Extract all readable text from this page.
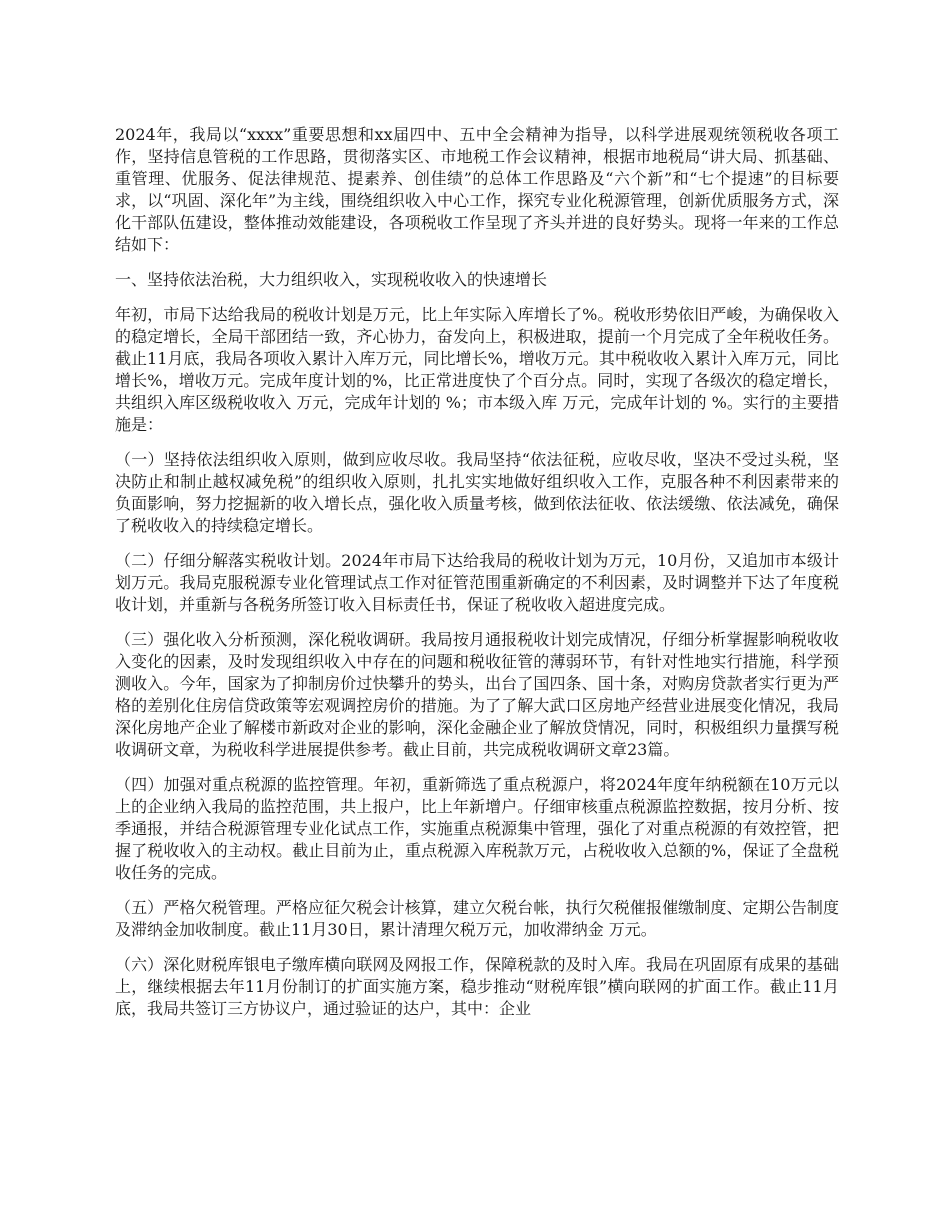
2024年，我局以“xxxx”重要思想和xx届四中、五中全会精神为指导，以科学进展观统领税收各项工作，坚持信息管税的工作思路，贯彻落实区、市地税工作会议精神，根据市地税局“讲大局、抓基础、重管理、优服务、促法律规范、提素养、创佳绩”的总体工作思路及“六个新”和“七个提速”的目标要求，以“巩固、深化年”为主线，围绕组织收入中心工作，探究专业化税源管理，创新优质服务方式，深化干部队伍建设，整体推动效能建设，各项税收工作呈现了齐头并进的良好势头。现将一年来的工作总结如下：

一、坚持依法治税，大力组织收入，实现税收收入的快速增长

年初，市局下达给我局的税收计划是万元，比上年实际入库增长了%。税收形势依旧严峻，为确保收入的稳定增长，全局干部团结一致，齐心协力，奋发向上，积极进取，提前一个月完成了全年税收任务。截止11月底，我局各项收入累计入库万元，同比增长%，增收万元。其中税收收入累计入库万元，同比增长%，增收万元。完成年度计划的%，比正常进度快了个百分点。同时，实现了各级次的稳定增长，共组织入库区级税收收入 万元，完成年计划的 %；市本级入库 万元，完成年计划的 %。实行的主要措施是：

（一）坚持依法组织收入原则，做到应收尽收。我局坚持“依法征税，应收尽收，坚决不受过头税，坚决防止和制止越权减免税”的组织收入原则，扎扎实实地做好组织收入工作，克服各种不利因素带来的负面影响，努力挖掘新的收入增长点，强化收入质量考核，做到依法征收、依法缓缴、依法减免，确保了税收收入的持续稳定增长。

（二）仔细分解落实税收计划。2024年市局下达给我局的税收计划为万元，10月份，又追加市本级计划万元。我局克服税源专业化管理试点工作对征管范围重新确定的不利因素，及时调整并下达了年度税收计划，并重新与各税务所签订收入目标责任书，保证了税收收入超进度完成。

（三）强化收入分析预测，深化税收调研。我局按月通报税收计划完成情况，仔细分析掌握影响税收收入变化的因素，及时发现组织收入中存在的问题和税收征管的薄弱环节，有针对性地实行措施，科学预测收入。今年，国家为了抑制房价过快攀升的势头，出台了国四条、国十条，对购房贷款者实行更为严格的差别化住房信贷政策等宏观调控房价的措施。为了了解大武口区房地产经营业进展变化情况，我局深化房地产企业了解楼市新政对企业的影响，深化金融企业了解放贷情况，同时，积极组织力量撰写税收调研文章，为税收科学进展提供参考。截止目前，共完成税收调研文章23篇。

（四）加强对重点税源的监控管理。年初，重新筛选了重点税源户，将2024年度年纳税额在10万元以上的企业纳入我局的监控范围，共上报户，比上年新增户。仔细审核重点税源监控数据，按月分析、按季通报，并结合税源管理专业化试点工作，实施重点税源集中管理，强化了对重点税源的有效控管，把握了税收收入的主动权。截止目前为止，重点税源入库税款万元，占税收收入总额的%，保证了全盘税收任务的完成。

（五）严格欠税管理。严格应征欠税会计核算，建立欠税台帐，执行欠税催报催缴制度、定期公告制度及滞纳金加收制度。截止11月30日，累计清理欠税万元，加收滞纳金 万元。

（六）深化财税库银电子缴库横向联网及网报工作，保障税款的及时入库。我局在巩固原有成果的基础上，继续根据去年11月份制订的扩面实施方案，稳步推动“财税库银”横向联网的扩面工作。截止11月底，我局共签订三方协议户，通过验证的达户，其中：企业
